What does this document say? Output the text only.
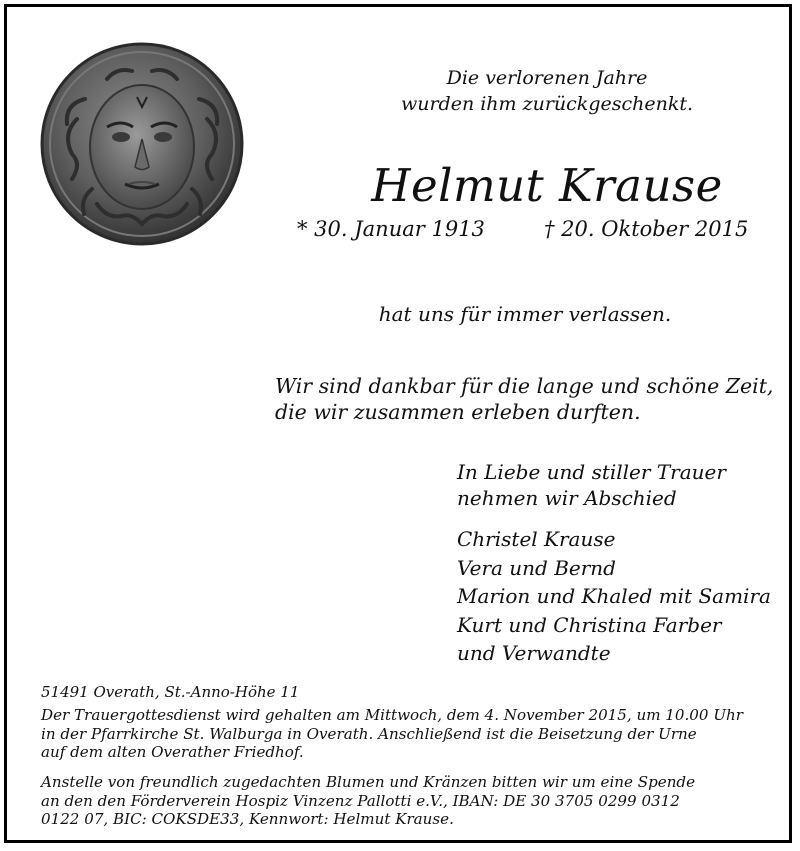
Die verlorenen Jahre
wurden ihm zurückgeschenkt.
Helmut Krause
* 30. Januar 1913	† 20. Oktober 2015
hat uns für immer verlassen.
Wir sind dankbar für die lange und schöne Zeit,
die wir zusammen erleben durften.
In Liebe und stiller Trauer
nehmen wir Abschied
Christel Krause
Vera und Bernd
Marion und Khaled mit Samira
Kurt und Christina Farber
und Verwandte
51491 Overath, St.-Anno-Höhe 11
Der Trauergottesdienst wird gehalten am Mittwoch, dem 4. November 2015, um 10.00 Uhr
in der Pfarrkirche St. Walburga in Overath. Anschließend ist die Beisetzung der Urne
auf dem alten Overather Friedhof.
Anstelle von freundlich zugedachten Blumen und Kränzen bitten wir um eine Spende
an den den Förderverein Hospiz Vinzenz Pallotti e.V., IBAN: DE 30 3705 0299 0312
0122 07, BIC: COKSDE33, Kennwort: Helmut Krause.
